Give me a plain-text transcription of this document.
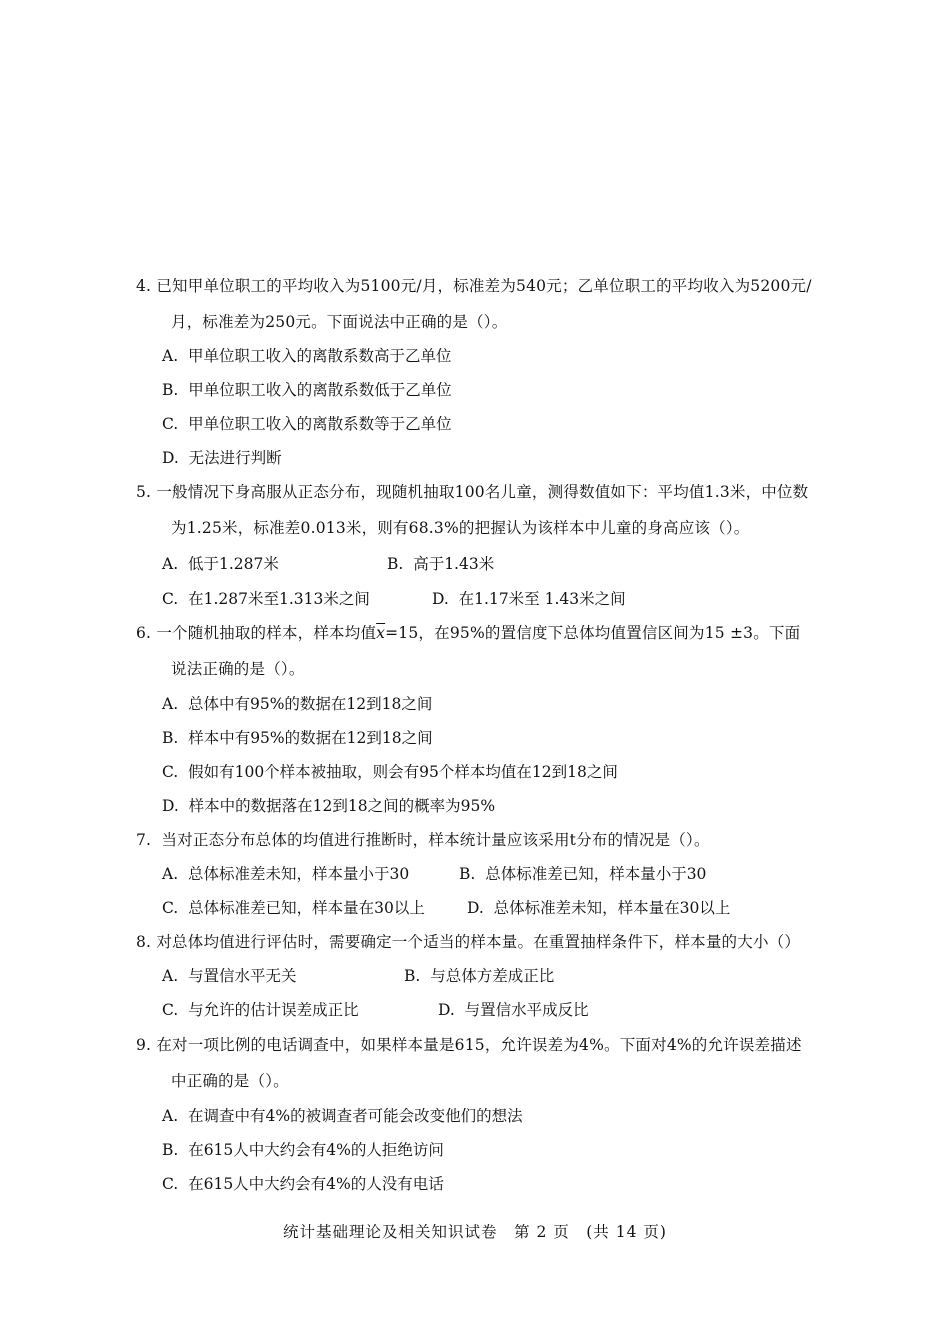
4. 已知甲单位职工的平均收入为5100元/月，标准差为540元；乙单位职工的平均收入为5200元/
月，标准差为250元。下面说法中正确的是（）。
A. 甲单位职工收入的离散系数高于乙单位
B. 甲单位职工收入的离散系数低于乙单位
C. 甲单位职工收入的离散系数等于乙单位
D. 无法进行判断
5. 一般情况下身高服从正态分布，现随机抽取100名儿童，测得数值如下：平均值1.3米，中位数
为1.25米，标准差0.013米，则有68.3%的把握认为该样本中儿童的身高应该（）。
A. 低于1.287米	B. 高于1.43米
C. 在1.287米至1.313米之间	D. 在1.17米至 1.43米之间
6. 一个随机抽取的样本，样本均值$\overline{x}=15$，在95%的置信度下总体均值置信区间为15 ±3。下面
说法正确的是（）。
A. 总体中有95%的数据在12到18之间
B. 样本中有95%的数据在12到18之间
C. 假如有100个样本被抽取，则会有95个样本均值在12到18之间
D. 样本中的数据落在12到18之间的概率为95%
7. 当对正态分布总体的均值进行推断时，样本统计量应该采用t分布的情况是（）。
A. 总体标准差未知，样本量小于30	B. 总体标准差已知，样本量小于30
C. 总体标准差已知，样本量在30以上	D. 总体标准差未知，样本量在30以上
8. 对总体均值进行评估时，需要确定一个适当的样本量。在重置抽样条件下，样本量的大小（）
A. 与置信水平无关	B. 与总体方差成正比
C. 与允许的估计误差成正比	D. 与置信水平成反比
9. 在对一项比例的电话调查中，如果样本量是615，允许误差为4%。下面对4%的允许误差描述
中正确的是（）。
A. 在调查中有4%的被调查者可能会改变他们的想法
B. 在615人中大约会有4%的人拒绝访问
C. 在615人中大约会有4%的人没有电话
统计基础理论及相关知识试卷　第 2 页　(共 14 页)
